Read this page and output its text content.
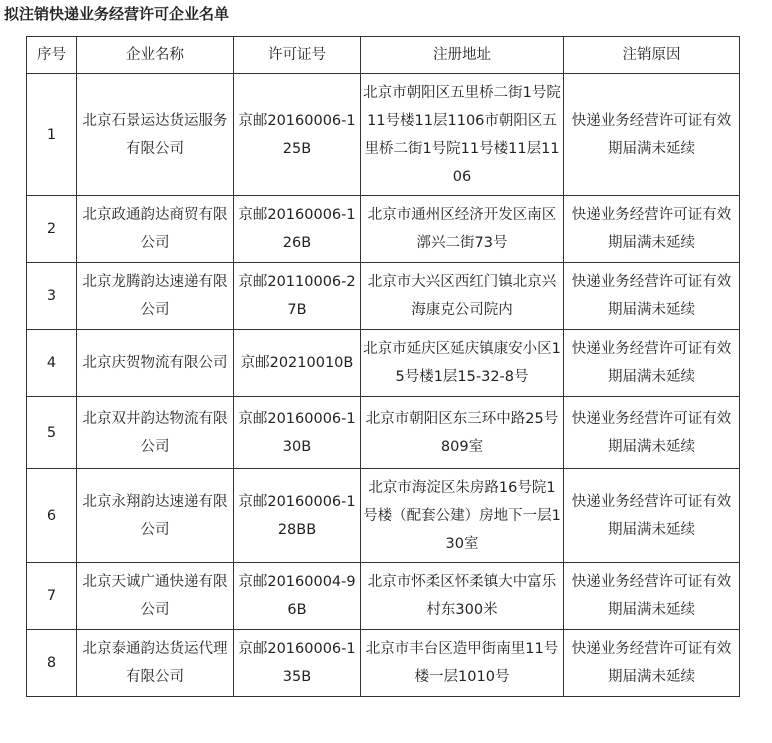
拟注销快递业务经营许可企业名单
序号	企业名称	许可证号	注册地址	注销原因
1	北京石景运达货运服务有限公司	京邮20160006-125B	北京市朝阳区五里桥二街1号院11号楼11层1106市朝阳区五里桥二街1号院11号楼11层1106	快递业务经营许可证有效期届满未延续
2	北京政通韵达商贸有限公司	京邮20160006-126B	北京市通州区经济开发区南区漷兴二街73号	快递业务经营许可证有效期届满未延续
3	北京龙腾韵达速递有限公司	京邮20110006-27B	北京市大兴区西红门镇北京兴海康克公司院内	快递业务经营许可证有效期届满未延续
4	北京庆贺物流有限公司	京邮20210010B	北京市延庆区延庆镇康安小区15号楼1层15-32-8号	快递业务经营许可证有效期届满未延续
5	北京双井韵达物流有限公司	京邮20160006-130B	北京市朝阳区东三环中路25号809室	快递业务经营许可证有效期届满未延续
6	北京永翔韵达速递有限公司	京邮20160006-128BB	北京市海淀区朱房路16号院1号楼（配套公建）房地下一层130室	快递业务经营许可证有效期届满未延续
7	北京天诚广通快递有限公司	京邮20160004-96B	北京市怀柔区怀柔镇大中富乐村东300米	快递业务经营许可证有效期届满未延续
8	北京泰通韵达货运代理有限公司	京邮20160006-135B	北京市丰台区造甲街南里11号楼一层1010号	快递业务经营许可证有效期届满未延续
